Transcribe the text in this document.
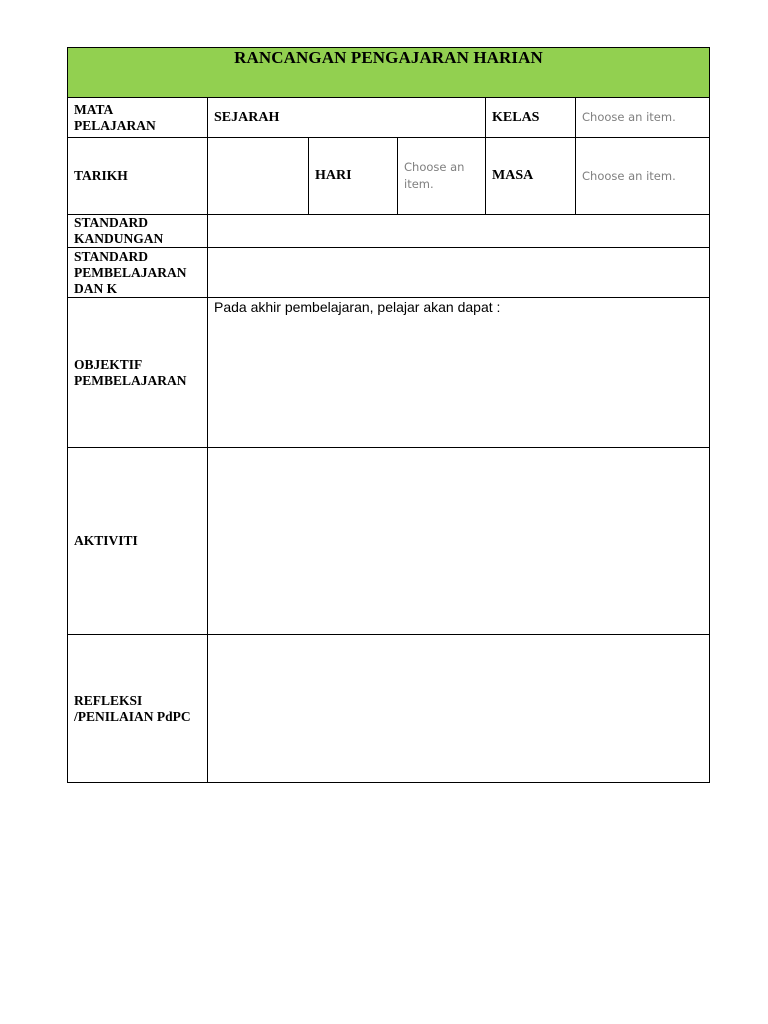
RANCANGAN PENGAJARAN HARIAN					

MATA
PELAJARAN	SEJARAH			KELAS	Choose an item.
TARIKH		HARI	Choose an item.	MASA	Choose an item.

STANDARD
KANDUNGAN					

STANDARD
PEMBELAJARAN
DAN K					

OBJEKTIF
PEMBELAJARAN	Pada akhir pembelajaran, pelajar akan dapat :				
AKTIVITI					

REFLEKSI
/PENILAIAN PdPC					
